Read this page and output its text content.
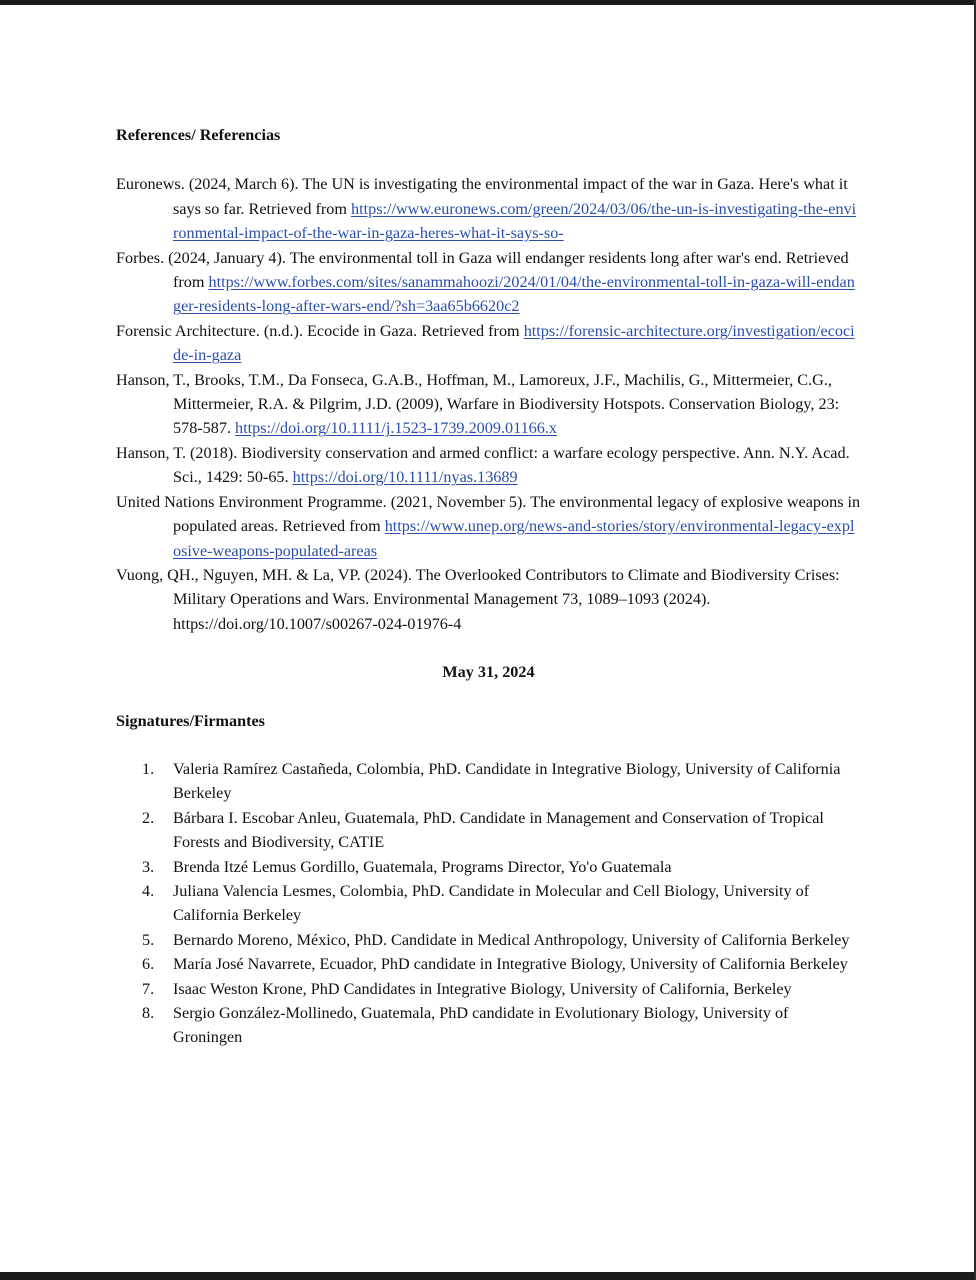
References/ Referencias

Euronews. (2024, March 6). The UN is investigating the environmental impact of the war in Gaza. Here's what it says so far. Retrieved from https://www.euronews.com/green/2024/03/06/the-un-is-investigating-the-environmental-impact-of-the-war-in-gaza-heres-what-it-says-so-

Forbes. (2024, January 4). The environmental toll in Gaza will endanger residents long after war's end. Retrieved from https://www.forbes.com/sites/sanammahoozi/2024/01/04/the-environmental-toll-in-gaza-will-endanger-residents-long-after-wars-end/?sh=3aa65b6620c2

Forensic Architecture. (n.d.). Ecocide in Gaza. Retrieved from https://forensic-architecture.org/investigation/ecocide-in-gaza

Hanson, T., Brooks, T.M., Da Fonseca, G.A.B., Hoffman, M., Lamoreux, J.F., Machilis, G., Mittermeier, C.G., Mittermeier, R.A. & Pilgrim, J.D. (2009), Warfare in Biodiversity Hotspots. Conservation Biology, 23: 578-587. https://doi.org/10.1111/j.1523-1739.2009.01166.x

Hanson, T. (2018). Biodiversity conservation and armed conflict: a warfare ecology perspective. Ann. N.Y. Acad. Sci., 1429: 50-65. https://doi.org/10.1111/nyas.13689

United Nations Environment Programme. (2021, November 5). The environmental legacy of explosive weapons in populated areas. Retrieved from https://www.unep.org/news-and-stories/story/environmental-legacy-explosive-weapons-populated-areas

Vuong, QH., Nguyen, MH. & La, VP. (2024). The Overlooked Contributors to Climate and Biodiversity Crises: Military Operations and Wars. Environmental Management 73, 1089–1093 (2024). https://doi.org/10.1007/s00267-024-01976-4

May 31, 2024

Signatures/Firmantes

1. Valeria Ramírez Castañeda, Colombia, PhD. Candidate in Integrative Biology, University of California Berkeley
2. Bárbara I. Escobar Anleu, Guatemala, PhD. Candidate in Management and Conservation of Tropical Forests and Biodiversity, CATIE
3. Brenda Itzé Lemus Gordillo, Guatemala, Programs Director, Yo'o Guatemala
4. Juliana Valencia Lesmes, Colombia, PhD. Candidate in Molecular and Cell Biology, University of California Berkeley
5. Bernardo Moreno, México, PhD. Candidate in Medical Anthropology, University of California Berkeley
6. María José Navarrete, Ecuador, PhD candidate in Integrative Biology, University of California Berkeley
7. Isaac Weston Krone, PhD Candidates in Integrative Biology, University of California, Berkeley
8. Sergio González-Mollinedo, Guatemala, PhD candidate in Evolutionary Biology, University of Groningen
